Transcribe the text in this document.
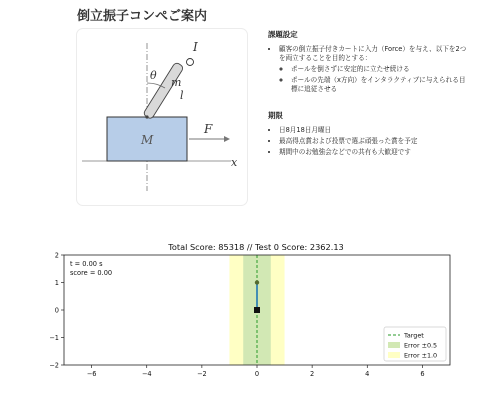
倒立振子コンペご案内
I
θ
m
l
M
F
x
課題設定
• 顧客の倒立振子付きカートに入力（Force）を与え、以下を2つを両立することを目的とする：
◦ ポールを倒さずに安定的に立たせ続ける
◦ ポールの先端（x方向）をインタラクティブに与えられる目標に追従させる
期限
• 日8月18日月曜日
• 最高得点賞および投票で選ぶ頑張った賞を予定
• 期間中のお勉強会などでの共有も大歓迎です
Total Score: 85318 // Test 0 Score: 2362.13
−6	−4	−2	0	2	4	6
−2
−1
0
1
2
t = 0.00 s
score = 0.00
Target
Error ±0.5
Error ±1.0
